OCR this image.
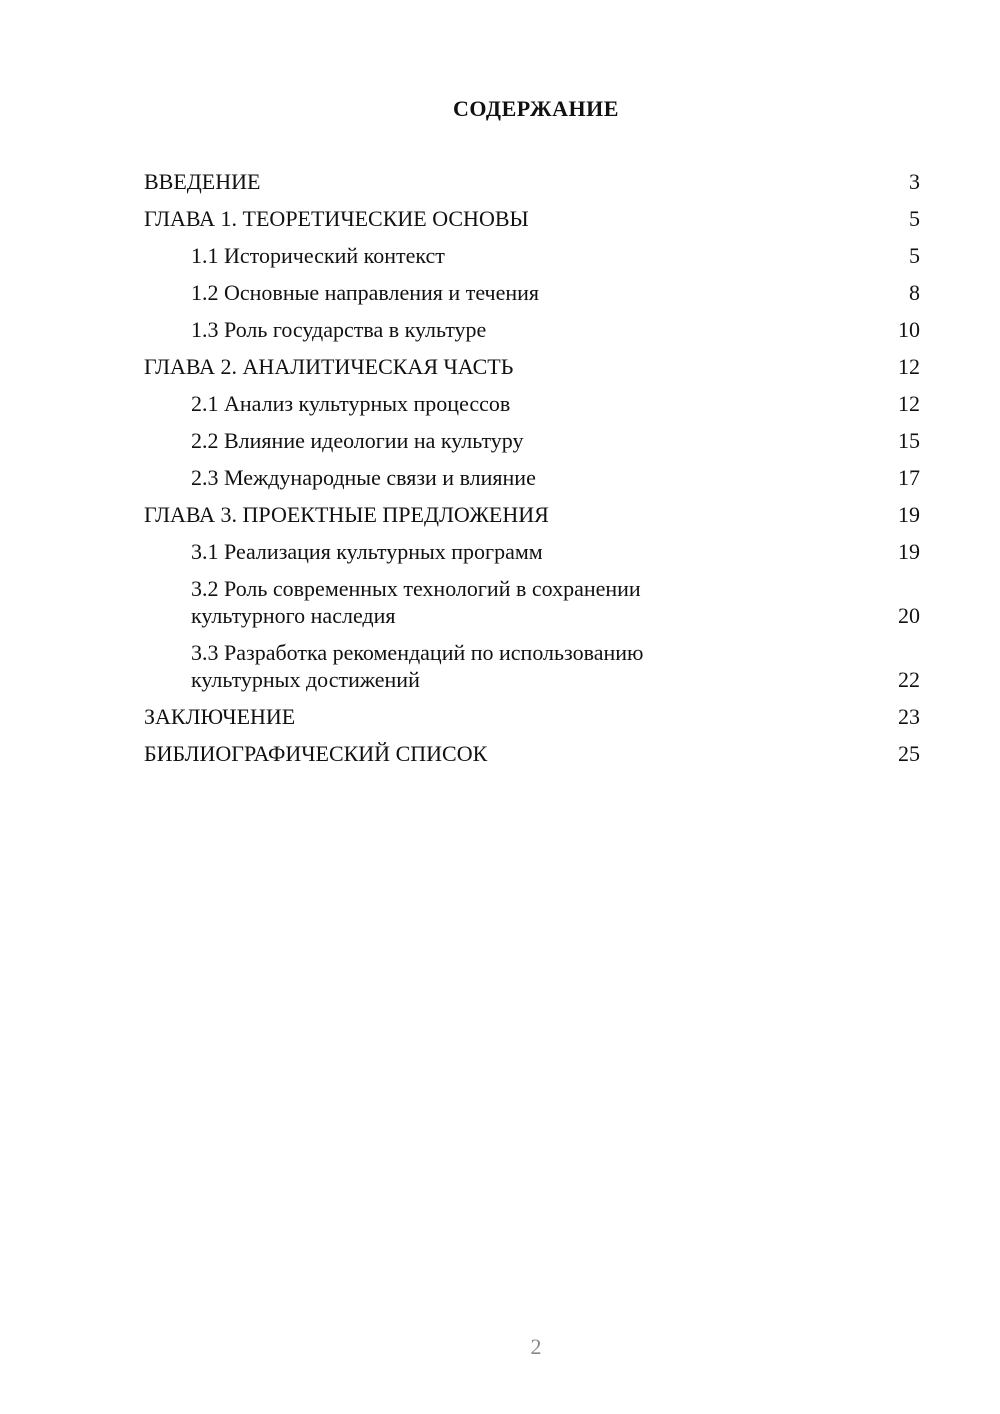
СОДЕРЖАНИЕ
ВВЕДЕНИЕ	3
ГЛАВА 1. ТЕОРЕТИЧЕСКИЕ ОСНОВЫ	5
1.1 Исторический контекст	5
1.2 Основные направления и течения	8
1.3 Роль государства в культуре	10
ГЛАВА 2. АНАЛИТИЧЕСКАЯ ЧАСТЬ	12
2.1 Анализ культурных процессов	12
2.2 Влияние идеологии на культуру	15
2.3 Международные связи и влияние	17
ГЛАВА 3. ПРОЕКТНЫЕ ПРЕДЛОЖЕНИЯ	19
3.1 Реализация культурных программ	19
3.2 Роль современных технологий в сохранении культурного наследия	20
3.3 Разработка рекомендаций по использованию культурных достижений	22
ЗАКЛЮЧЕНИЕ	23
БИБЛИОГРАФИЧЕСКИЙ СПИСОК	25
2
